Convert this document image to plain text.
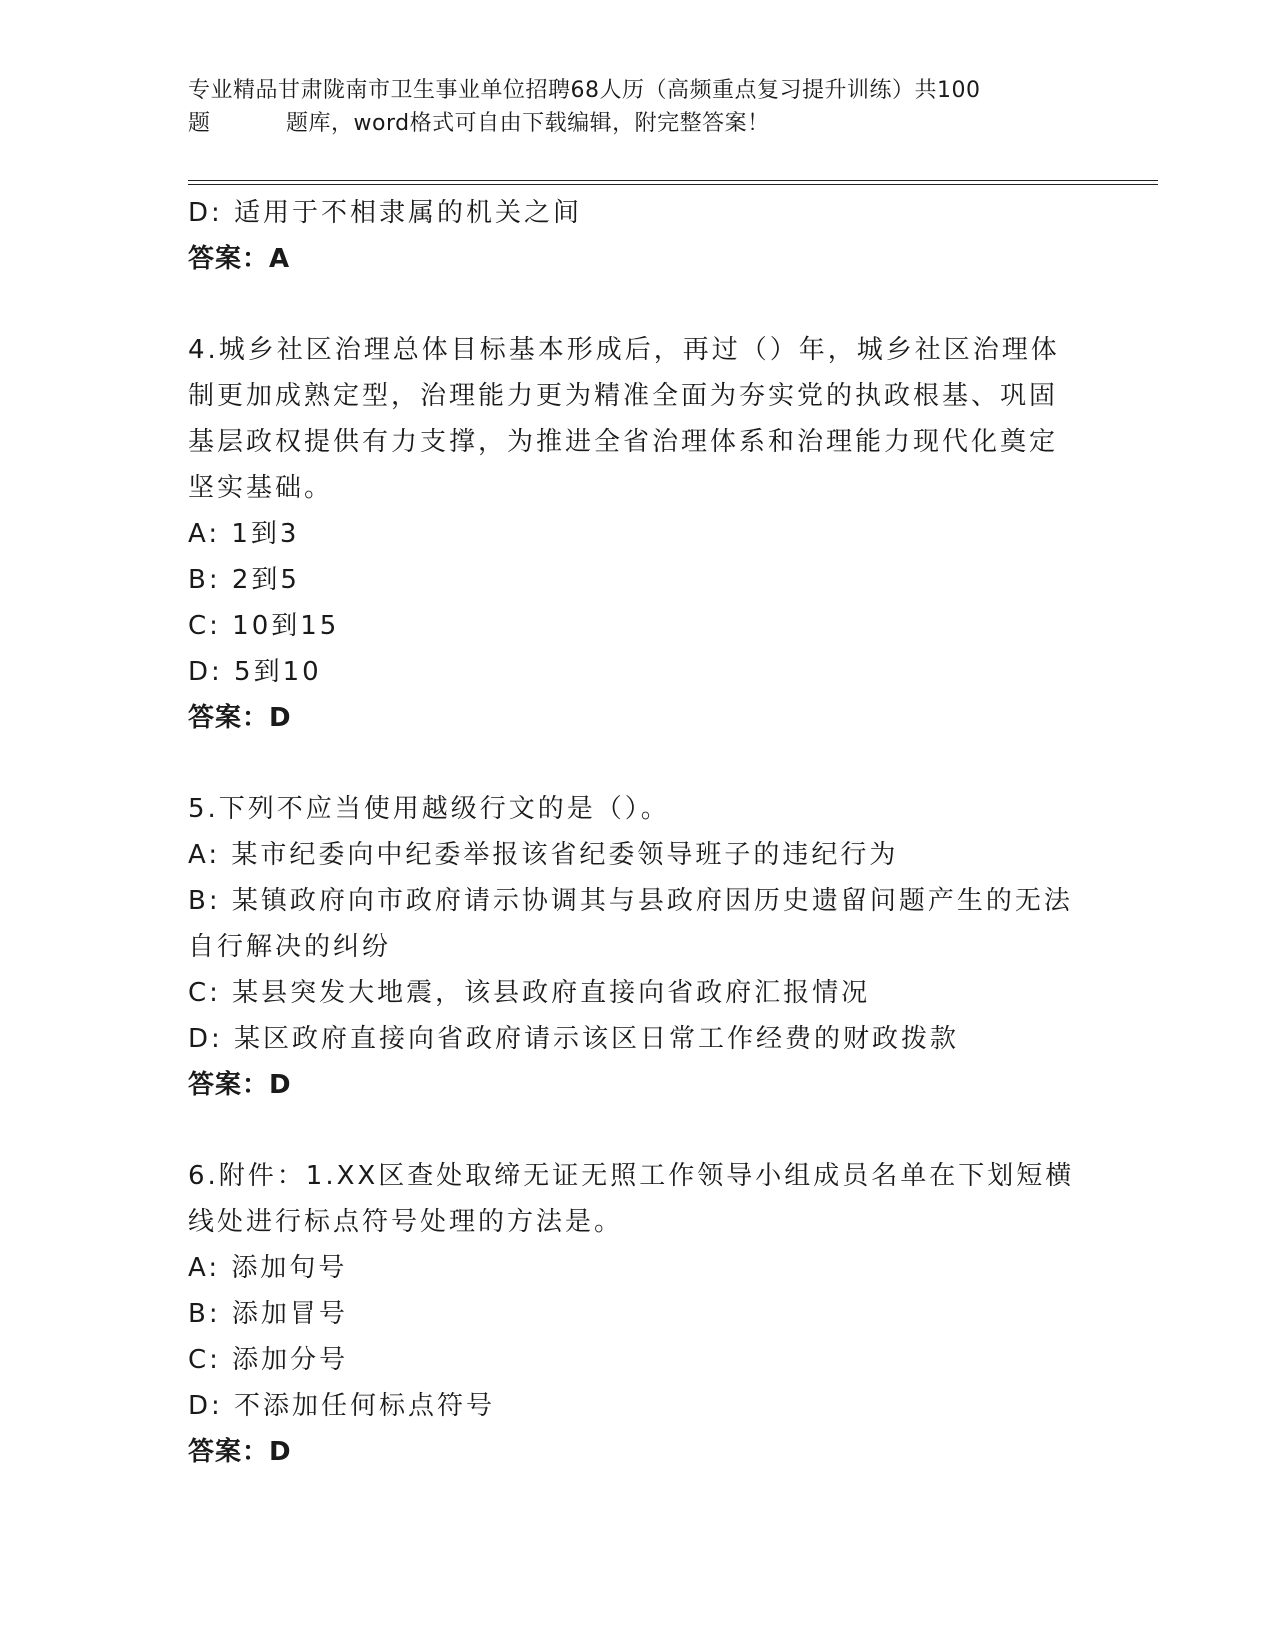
专业精品甘肃陇南市卫生事业单位招聘68人历（高频重点复习提升训练）共100
题	题库，word格式可自由下载编辑，附完整答案！
D: 适用于不相隶属的机关之间
答案：A
4.城乡社区治理总体目标基本形成后，再过（）年，城乡社区治理体
制更加成熟定型，治理能力更为精准全面为夯实党的执政根基、巩固
基层政权提供有力支撑，为推进全省治理体系和治理能力现代化奠定
坚实基础。
A: 1到3
B: 2到5
C: 10到15
D: 5到10
答案：D
5.下列不应当使用越级行文的是（）。
A: 某市纪委向中纪委举报该省纪委领导班子的违纪行为
B: 某镇政府向市政府请示协调其与县政府因历史遗留问题产生的无法
自行解决的纠纷
C: 某县突发大地震，该县政府直接向省政府汇报情况
D: 某区政府直接向省政府请示该区日常工作经费的财政拨款
答案：D
6.附件：1.XX区查处取缔无证无照工作领导小组成员名单在下划短横
线处进行标点符号处理的方法是。
A: 添加句号
B: 添加冒号
C: 添加分号
D: 不添加任何标点符号
答案：D
